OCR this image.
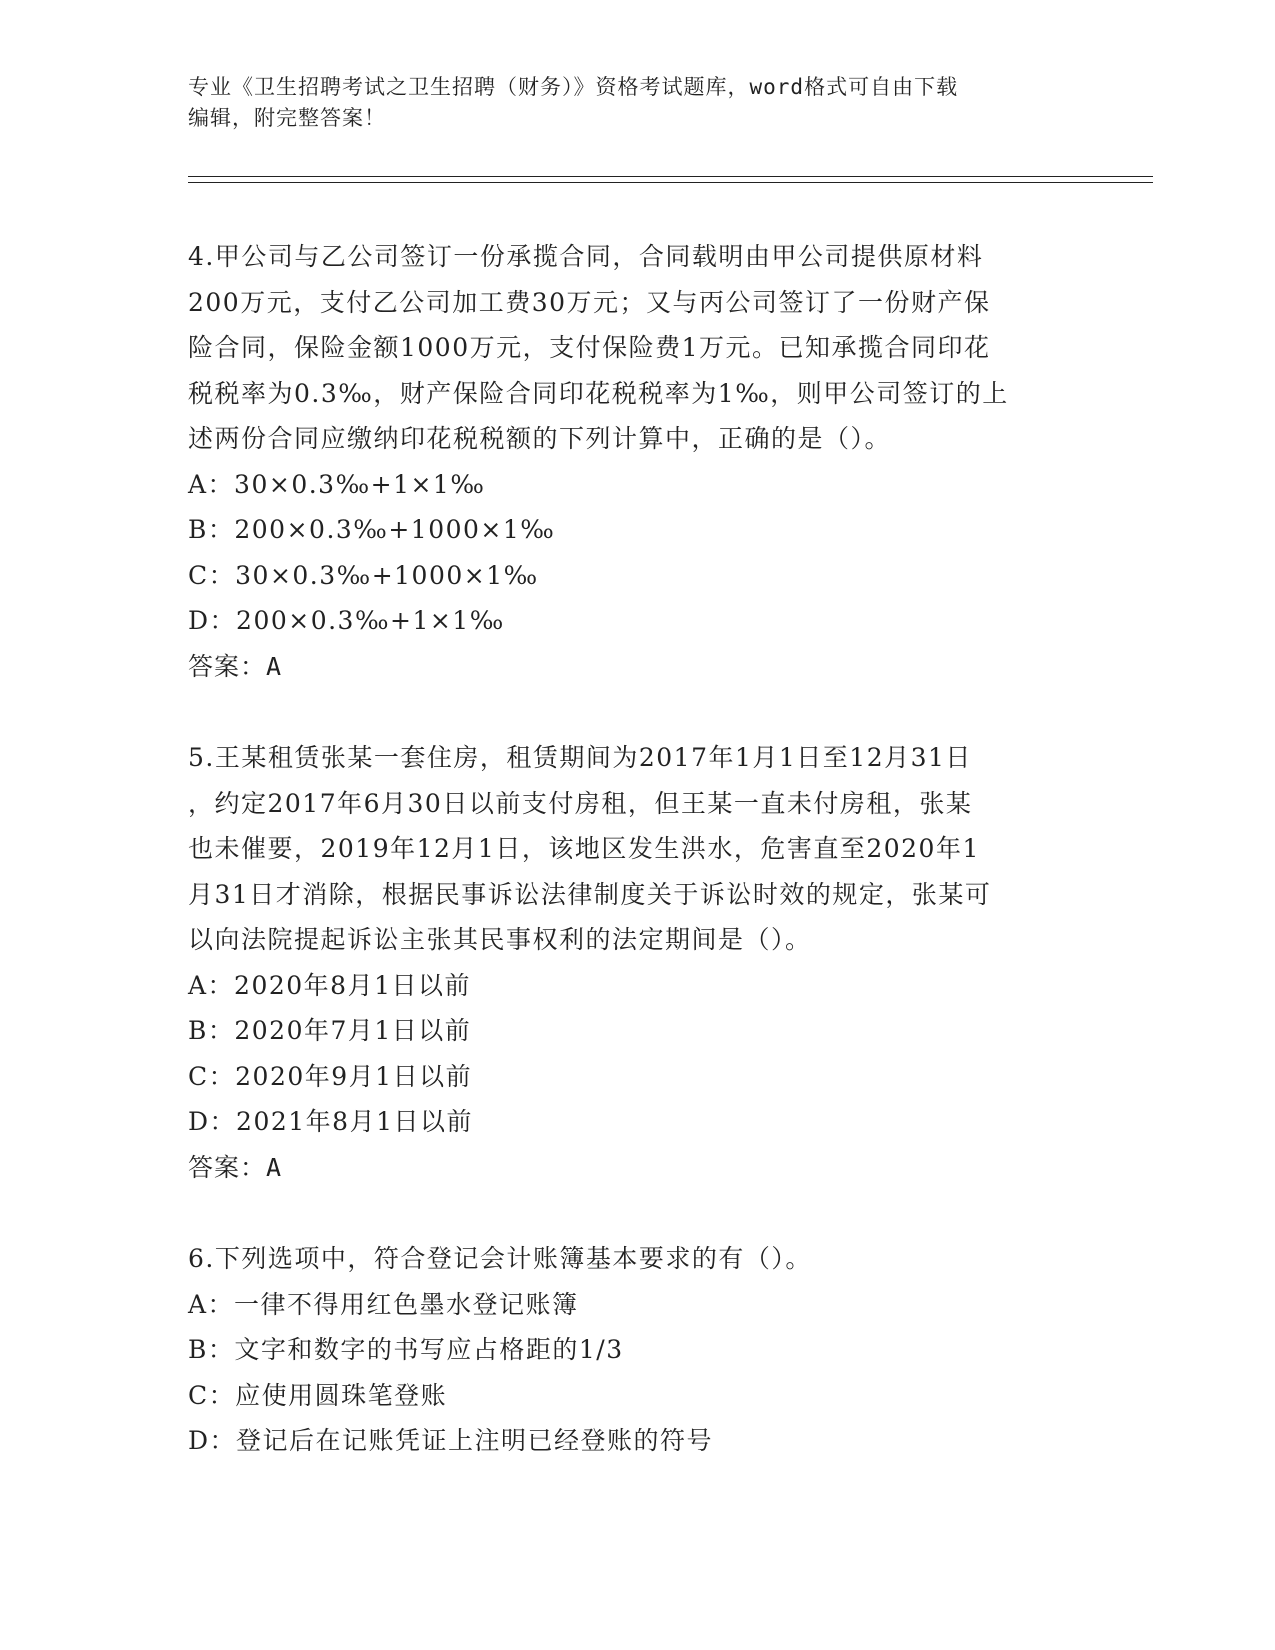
专业《卫生招聘考试之卫生招聘（财务）》资格考试题库，word格式可自由下载
编辑，附完整答案！
4.甲公司与乙公司签订一份承揽合同，合同载明由甲公司提供原材料
200万元，支付乙公司加工费30万元；又与丙公司签订了一份财产保
险合同，保险金额1000万元，支付保险费1万元。已知承揽合同印花
税税率为0.3‰，财产保险合同印花税税率为1‰，则甲公司签订的上
述两份合同应缴纳印花税税额的下列计算中，正确的是（）。
A：30×0.3‰+1×1‰
B：200×0.3‰+1000×1‰
C：30×0.3‰+1000×1‰
D：200×0.3‰+1×1‰
答案：A
5.王某租赁张某一套住房，租赁期间为2017年1月1日至12月31日
，约定2017年6月30日以前支付房租，但王某一直未付房租，张某
也未催要，2019年12月1日，该地区发生洪水，危害直至2020年1
月31日才消除，根据民事诉讼法律制度关于诉讼时效的规定，张某可
以向法院提起诉讼主张其民事权利的法定期间是（）。
A：2020年8月1日以前
B：2020年7月1日以前
C：2020年9月1日以前
D：2021年8月1日以前
答案：A
6.下列选项中，符合登记会计账簿基本要求的有（）。
A：一律不得用红色墨水登记账簿
B：文字和数字的书写应占格距的1/3
C：应使用圆珠笔登账
D：登记后在记账凭证上注明已经登账的符号
